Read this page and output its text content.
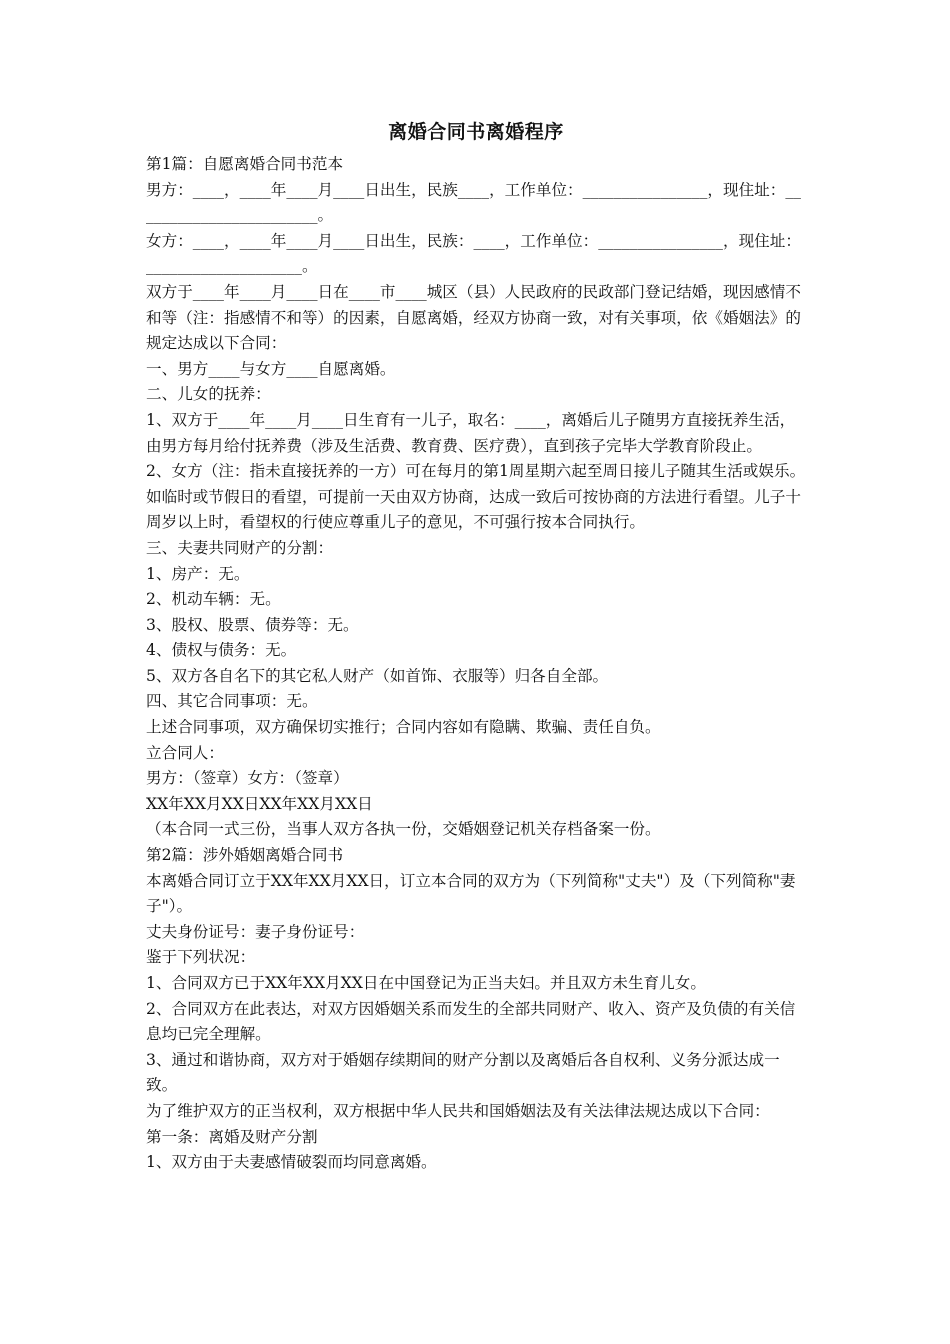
离婚合同书离婚程序

第1篇：自愿离婚合同书范本

男方：____，____年____月____日出生，民族____，工作单位：________________，现住址：________________________。

女方：____，____年____月____日出生，民族：____，工作单位：________________，现住址：____________________。

双方于____年____月____日在____市____城区（县）人民政府的民政部门登记结婚，现因感情不和等（注：指感情不和等）的因素，自愿离婚，经双方协商一致，对有关事项，依《婚姻法》的规定达成以下合同：

一、男方____与女方____自愿离婚。

二、儿女的抚养：

1、双方于____年____月____日生育有一儿子，取名：____，离婚后儿子随男方直接抚养生活，由男方每月给付抚养费（涉及生活费、教育费、医疗费），直到孩子完毕大学教育阶段止。

2、女方（注：指未直接抚养的一方）可在每月的第1周星期六起至周日接儿子随其生活或娱乐。如临时或节假日的看望，可提前一天由双方协商，达成一致后可按协商的方法进行看望。儿子十周岁以上时，看望权的行使应尊重儿子的意见，不可强行按本合同执行。

三、夫妻共同财产的分割：

1、房产：无。

2、机动车辆：无。

3、股权、股票、债券等：无。

4、债权与债务：无。

5、双方各自名下的其它私人财产（如首饰、衣服等）归各自全部。

四、其它合同事项：无。

上述合同事项，双方确保切实推行；合同内容如有隐瞒、欺骗、责任自负。

立合同人：

男方：（签章）女方：（签章）

XX年XX月XX日XX年XX月XX日

（本合同一式三份，当事人双方各执一份，交婚姻登记机关存档备案一份。

第2篇：涉外婚姻离婚合同书

本离婚合同订立于XX年XX月XX日，订立本合同的双方为（下列简称"丈夫"）及（下列简称"妻子"）。

丈夫身份证号：妻子身份证号：

鉴于下列状况：

1、合同双方已于XX年XX月XX日在中国登记为正当夫妇。并且双方未生育儿女。

2、合同双方在此表达，对双方因婚姻关系而发生的全部共同财产、收入、资产及负债的有关信息均已完全理解。

3、通过和谐协商，双方对于婚姻存续期间的财产分割以及离婚后各自权利、义务分派达成一致。

为了维护双方的正当权利，双方根据中华人民共和国婚姻法及有关法律法规达成以下合同：

第一条：离婚及财产分割

1、双方由于夫妻感情破裂而均同意离婚。
